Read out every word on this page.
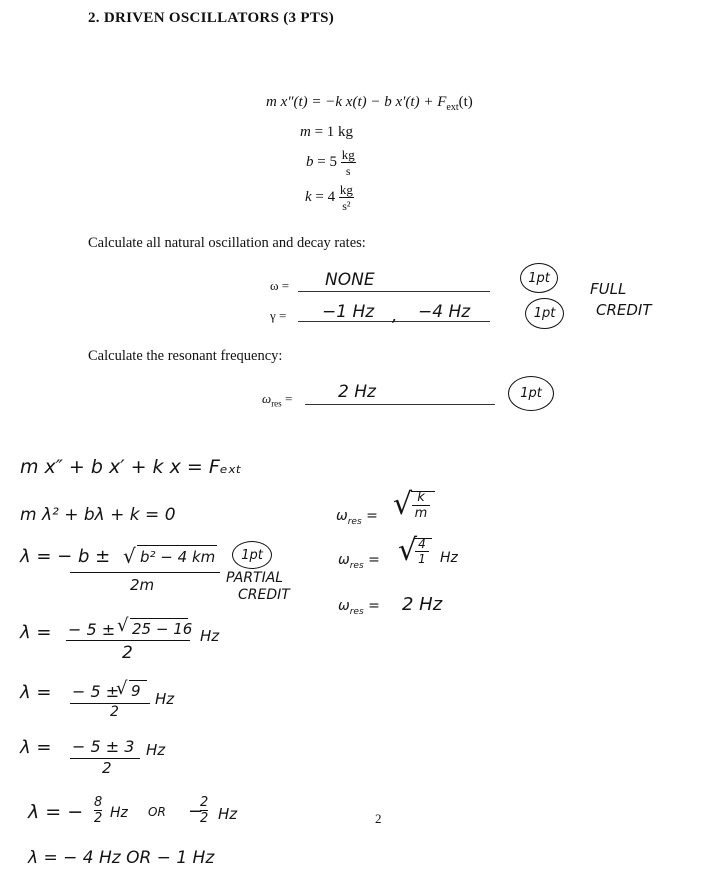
2. DRIVEN OSCILLATORS (3 PTS)
m x″(t) = −k x(t) − b $x'(t) + F_{ext}(t)$
m = 1 kg
$b = 5 \frac{kg}{s}$
$k = 4 \frac{kg}{\text{s²}}$
Calculate all natural oscillation and decay rates:
ω = NONE	1pt
γ = −1 Hz , −4 Hz	1pt
FULL
CREDIT
Calculate the resonant frequency:
$\omega_{res}$ =	2 Hz	1pt
m x″ + b x′ + k x = Fₑₓₜ
m λ² + bλ + k = 0
λ = − b ± √ b² − 4 km
2m
1pt
PARTIAL
CREDIT
λ = − 5 ± √ 25 − 16
2
Hz
λ = − 5 ±
√ 9
2
Hz
λ = − 5 ± 3
2
Hz
λ = − 8
2 Hz OR −
2
2 Hz
λ = − 4 Hz OR − 1 Hz
$\omega_{res}$ = √ $\frac{k}{m}$
$\omega_{res}$ = √
$\frac{4}{1}$ Hz
$\omega_{res} = 2$ Hz
2
